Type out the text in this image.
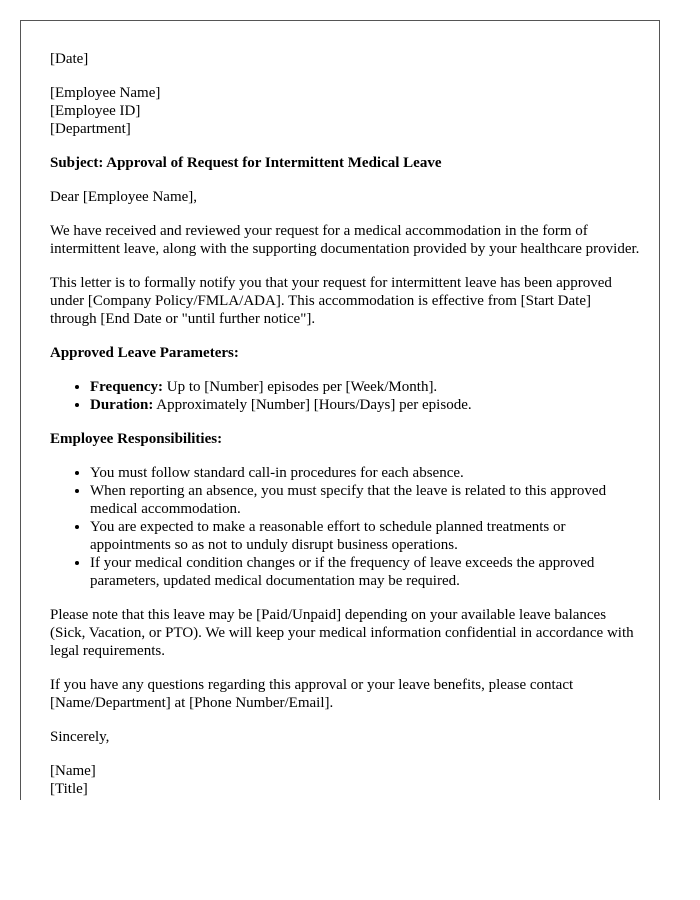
[Date]

[Employee Name]
[Employee ID]
[Department]

Subject: Approval of Request for Intermittent Medical Leave

Dear [Employee Name],

We have received and reviewed your request for a medical accommodation in the form of intermittent leave, along with the supporting documentation provided by your healthcare provider.

This letter is to formally notify you that your request for intermittent leave has been approved under [Company Policy/FMLA/ADA]. This accommodation is effective from [Start Date] through [End Date or "until further notice"].

Approved Leave Parameters:

• Frequency: Up to [Number] episodes per [Week/Month].
• Duration: Approximately [Number] [Hours/Days] per episode.

Employee Responsibilities:

• You must follow standard call-in procedures for each absence.
• When reporting an absence, you must specify that the leave is related to this approved medical accommodation.
• You are expected to make a reasonable effort to schedule planned treatments or appointments so as not to unduly disrupt business operations.
• If your medical condition changes or if the frequency of leave exceeds the approved parameters, updated medical documentation may be required.

Please note that this leave may be [Paid/Unpaid] depending on your available leave balances (Sick, Vacation, or PTO). We will keep your medical information confidential in accordance with legal requirements.

If you have any questions regarding this approval or your leave benefits, please contact [Name/Department] at [Phone Number/Email].

Sincerely,

[Name]
[Title]
